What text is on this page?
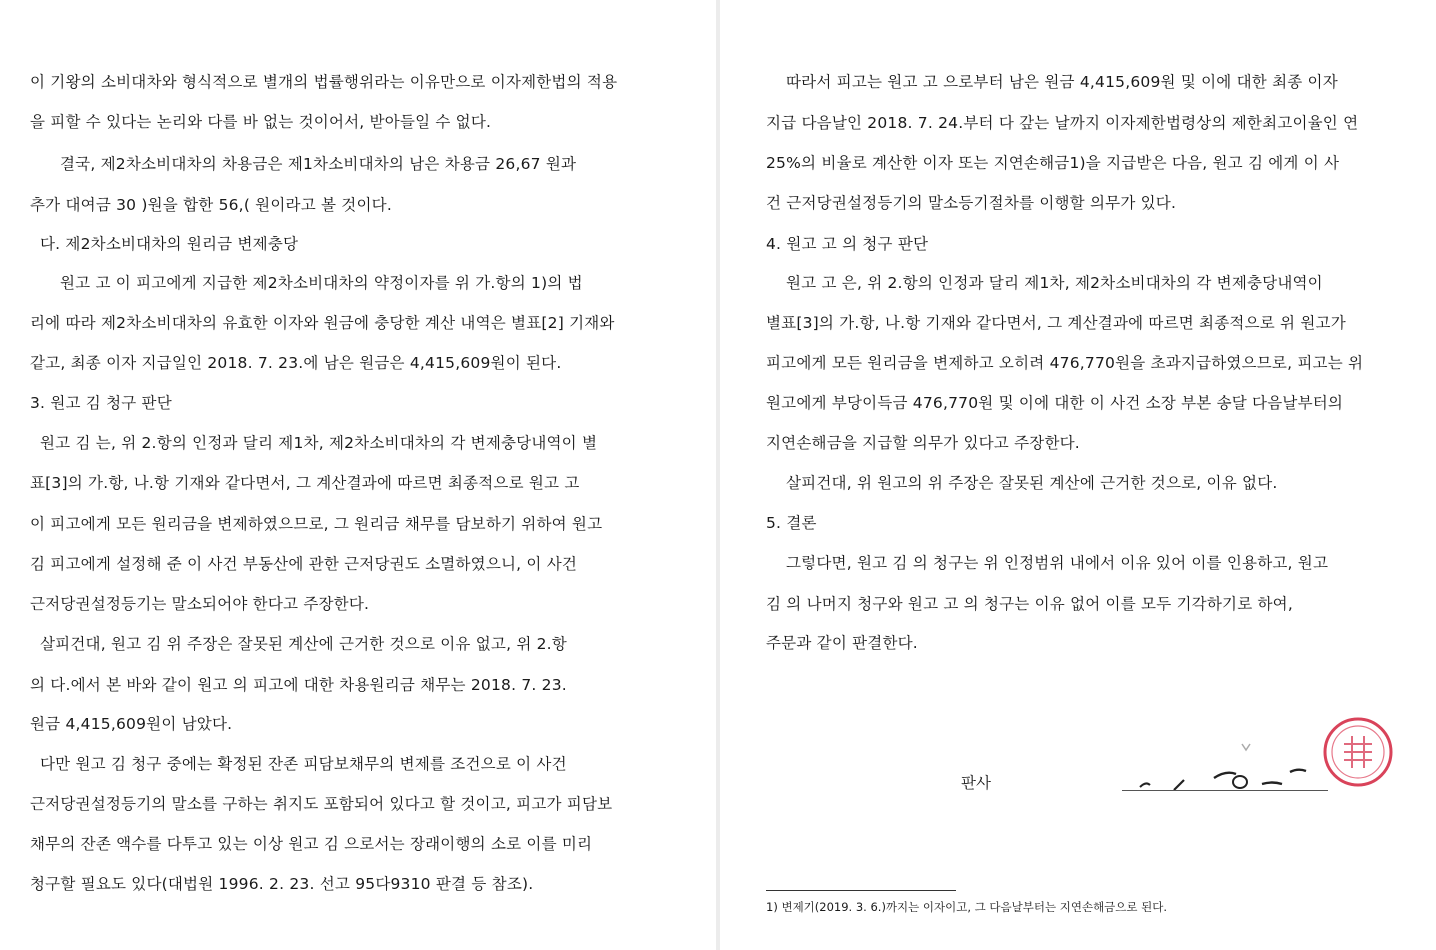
이 기왕의 소비대차와 형식적으로 별개의 법률행위라는 이유만으로 이자제한법의 적용
을 피할 수 있다는 논리와 다를 바 없는 것이어서, 받아들일 수 없다.
결국, 제2차소비대차의 차용금은 제1차소비대차의 남은 차용금 26,67 원과
추가 대여금 30 )원을 합한 56,( 원이라고 볼 것이다.
다. 제2차소비대차의 원리금 변제충당
원고 고 이 피고에게 지급한 제2차소비대차의 약정이자를 위 가.항의 1)의 법
리에 따라 제2차소비대차의 유효한 이자와 원금에 충당한 계산 내역은 별표[2] 기재와
같고, 최종 이자 지급일인 2018. 7. 23.에 남은 원금은 4,415,609원이 된다.
3. 원고 김 청구 판단
원고 김 는, 위 2.항의 인정과 달리 제1차, 제2차소비대차의 각 변제충당내역이 별
표[3]의 가.항, 나.항 기재와 같다면서, 그 계산결과에 따르면 최종적으로 원고 고
이 피고에게 모든 원리금을 변제하였으므로, 그 원리금 채무를 담보하기 위하여 원고
김 피고에게 설정해 준 이 사건 부동산에 관한 근저당권도 소멸하였으니, 이 사건
근저당권설정등기는 말소되어야 한다고 주장한다.
살피건대, 원고 김 위 주장은 잘못된 계산에 근거한 것으로 이유 없고, 위 2.항
의 다.에서 본 바와 같이 원고 의 피고에 대한 차용원리금 채무는 2018. 7. 23.
원금 4,415,609원이 남았다.
다만 원고 김 청구 중에는 확정된 잔존 피담보채무의 변제를 조건으로 이 사건
근저당권설정등기의 말소를 구하는 취지도 포함되어 있다고 할 것이고, 피고가 피담보
채무의 잔존 액수를 다투고 있는 이상 원고 김 으로서는 장래이행의 소로 이를 미리
청구할 필요도 있다(대법원 1996. 2. 23. 선고 95다9310 판결 등 참조).
따라서 피고는 원고 고 으로부터 남은 원금 4,415,609원 및 이에 대한 최종 이자
지급 다음날인 2018. 7. 24.부터 다 갚는 날까지 이자제한법령상의 제한최고이율인 연
25%의 비율로 계산한 이자 또는 지연손해금1)을 지급받은 다음, 원고 김 에게 이 사
건 근저당권설정등기의 말소등기절차를 이행할 의무가 있다.
4. 원고 고 의 청구 판단
원고 고 은, 위 2.항의 인정과 달리 제1차, 제2차소비대차의 각 변제충당내역이
별표[3]의 가.항, 나.항 기재와 같다면서, 그 계산결과에 따르면 최종적으로 위 원고가
피고에게 모든 원리금을 변제하고 오히려 476,770원을 초과지급하였으므로, 피고는 위
원고에게 부당이득금 476,770원 및 이에 대한 이 사건 소장 부본 송달 다음날부터의
지연손해금을 지급할 의무가 있다고 주장한다.
살피건대, 위 원고의 위 주장은 잘못된 계산에 근거한 것으로, 이유 없다.
5. 결론
그렇다면, 원고 김 의 청구는 위 인정범위 내에서 이유 있어 이를 인용하고, 원고
김 의 나머지 청구와 원고 고 의 청구는 이유 없어 이를 모두 기각하기로 하여,
주문과 같이 판결한다.
판사
1) 변제기(2019. 3. 6.)까지는 이자이고, 그 다음날부터는 지연손해금으로 된다.
